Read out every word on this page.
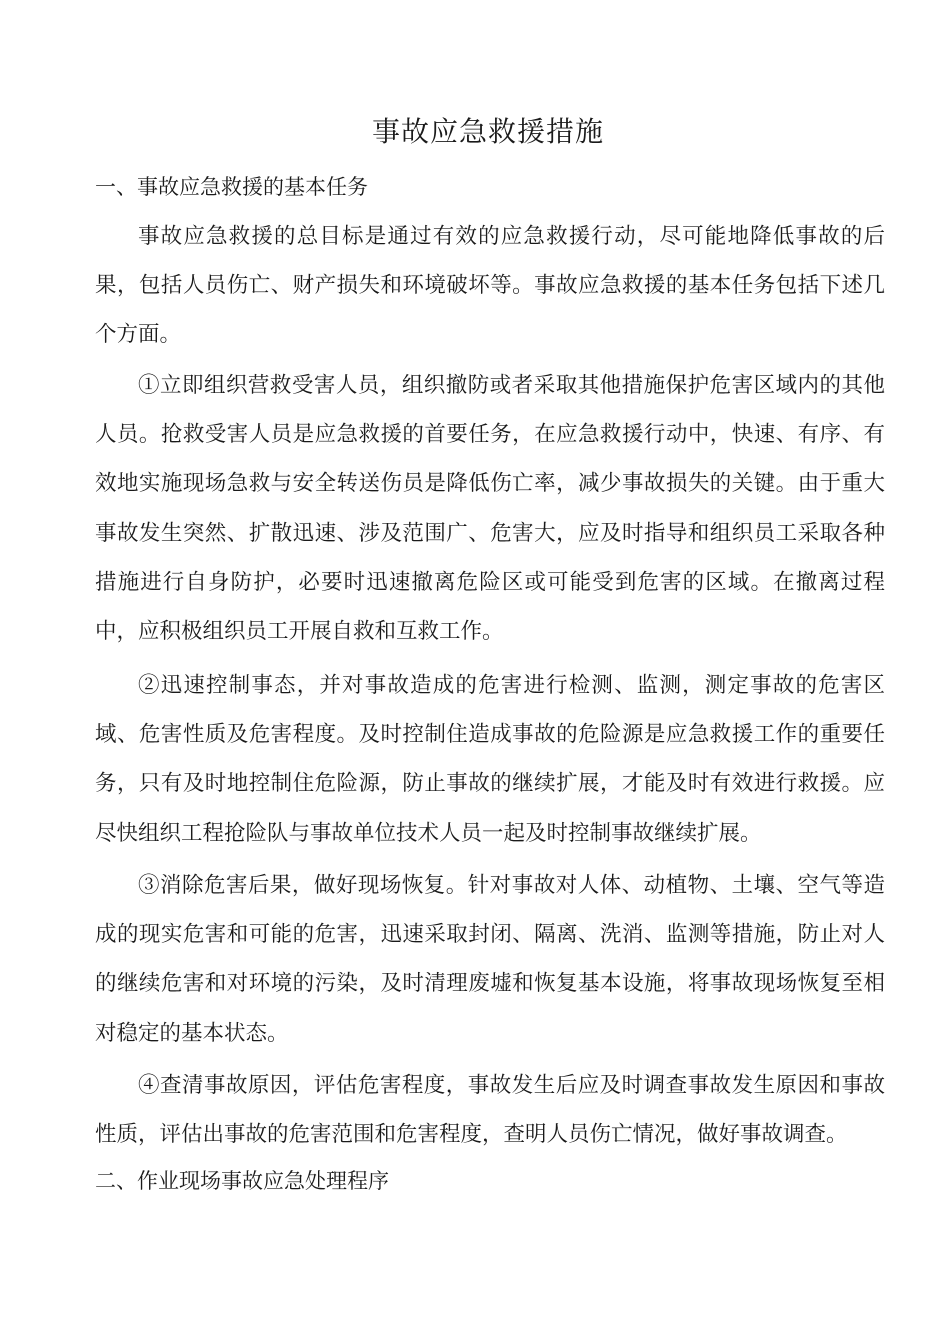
事故应急救援措施
一、事故应急救援的基本任务

事故应急救援的总目标是通过有效的应急救援行动，尽可能地降低事故的后果，包括人员伤亡、财产损失和环境破坏等。事故应急救援的基本任务包括下述几个方面。

①立即组织营救受害人员，组织撤防或者采取其他措施保护危害区域内的其他人员。抢救受害人员是应急救援的首要任务，在应急救援行动中，快速、有序、有效地实施现场急救与安全转送伤员是降低伤亡率，减少事故损失的关键。由于重大事故发生突然、扩散迅速、涉及范围广、危害大，应及时指导和组织员工采取各种措施进行自身防护，必要时迅速撤离危险区或可能受到危害的区域。在撤离过程中，应积极组织员工开展自救和互救工作。

②迅速控制事态，并对事故造成的危害进行检测、监测，测定事故的危害区域、危害性质及危害程度。及时控制住造成事故的危险源是应急救援工作的重要任务，只有及时地控制住危险源，防止事故的继续扩展，才能及时有效进行救援。应尽快组织工程抢险队与事故单位技术人员一起及时控制事故继续扩展。

③消除危害后果，做好现场恢复。针对事故对人体、动植物、土壤、空气等造成的现实危害和可能的危害，迅速采取封闭、隔离、洗消、监测等措施，防止对人的继续危害和对环境的污染，及时清理废墟和恢复基本设施，将事故现场恢复至相对稳定的基本状态。

④查清事故原因，评估危害程度，事故发生后应及时调查事故发生原因和事故性质，评估出事故的危害范围和危害程度，查明人员伤亡情况，做好事故调查。

二、作业现场事故应急处理程序
